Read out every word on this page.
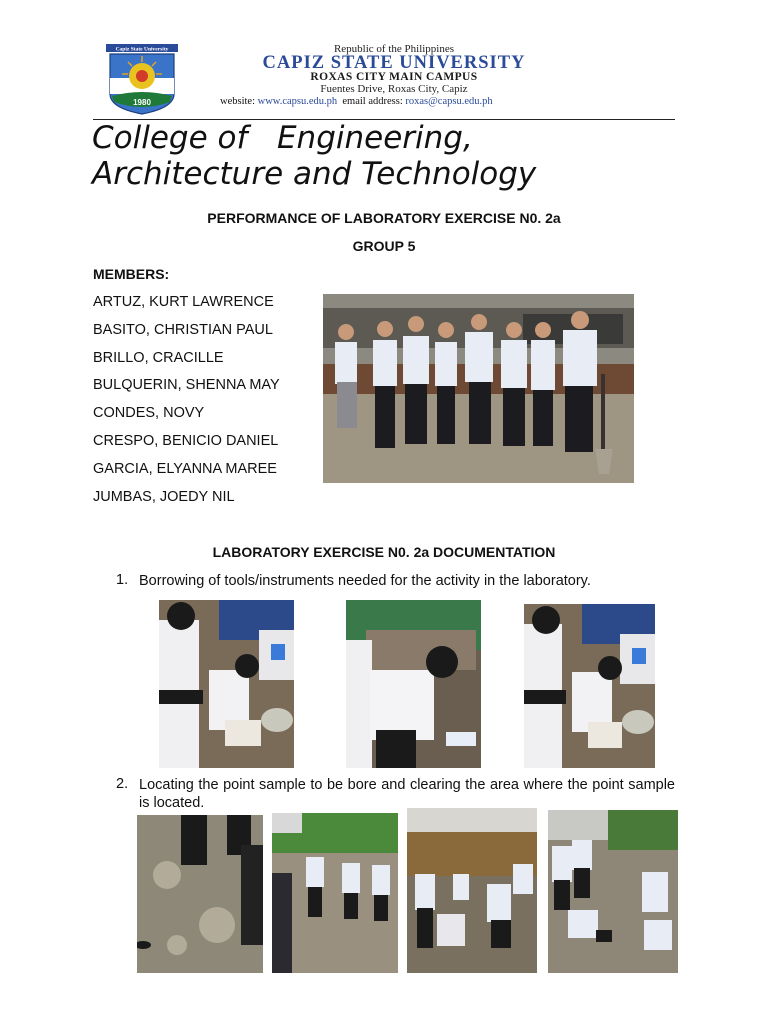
Capiz State University
1980
Republic of the Philippines
CAPIZ STATE UNIVERSITY
ROXAS CITY MAIN CAMPUS
Fuentes Drive, Roxas City, Capiz
website: www.capsu.edu.ph email address: roxas@capsu.edu.ph
College of   Engineering,
Architecture and Technology
PERFORMANCE OF LABORATORY EXERCISE N0. 2a
GROUP 5
MEMBERS:
ARTUZ, KURT LAWRENCE
BASITO, CHRISTIAN PAUL
BRILLO, CRACILLE
BULQUERIN, SHENNA MAY
CONDES, NOVY
CRESPO, BENICIO DANIEL
GARCIA, ELYANNA MAREE
JUMBAS, JOEDY NIL
LABORATORY EXERCISE N0. 2a DOCUMENTATION
1. Borrowing of tools/instruments needed for the activity in the laboratory.
2. Locating the point sample to be bore and clearing the area where the point sample is located.
